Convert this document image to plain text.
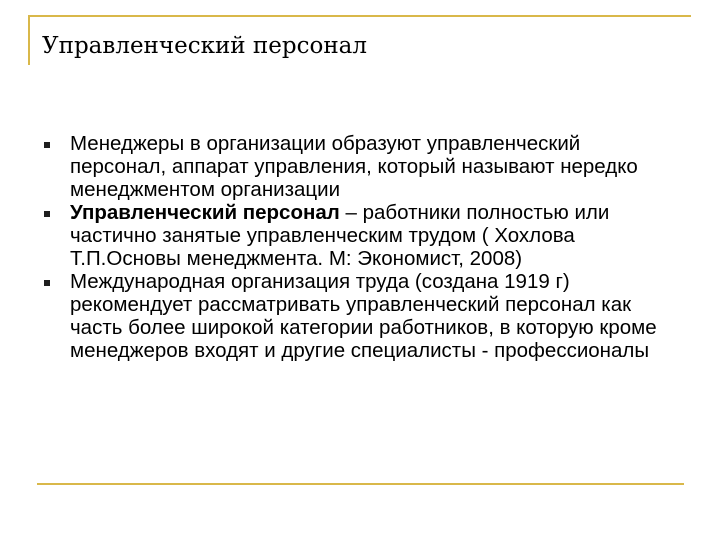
Управленческий персонал
Менеджеры в организации образуют управленческий персонал, аппарат управления, который называют нередко менеджментом организации
Управленческий персонал – работники полностью или частично занятые управленческим трудом ( Хохлова Т.П.Основы менеджмента. М: Экономист, 2008)
Международная организация труда (создана 1919 г) рекомендует рассматривать управленческий персонал как часть более широкой категории работников, в которую кроме менеджеров входят и другие специалисты - профессионалы
